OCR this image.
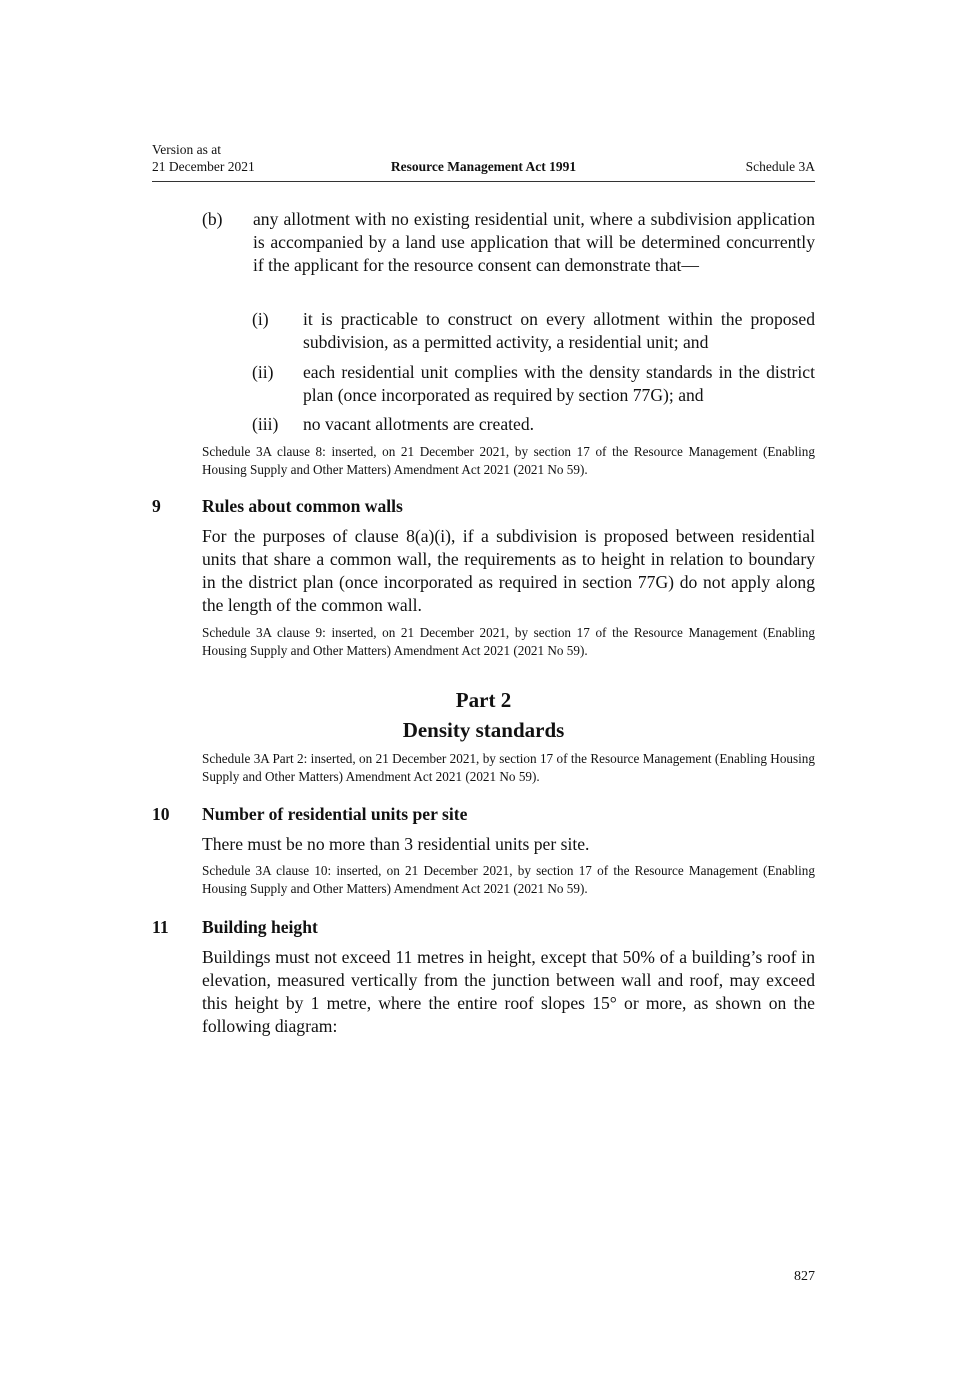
Version as at
21 December 2021	Schedule 3A
Resource Management Act 1991
(b) any allotment with no existing residential unit, where a subdivision application is accompanied by a land use application that will be determined concurrently if the applicant for the resource consent can demonstrate that—
(i) it is practicable to construct on every allotment within the proposed subdivision, as a permitted activity, a residential unit; and
(ii) each residential unit complies with the density standards in the district plan (once incorporated as required by section 77G); and
(iii) no vacant allotments are created.
Schedule 3A clause 8: inserted, on 21 December 2021, by section 17 of the Resource Management (Enabling Housing Supply and Other Matters) Amendment Act 2021 (2021 No 59).
9 Rules about common walls
For the purposes of clause 8(a)(i), if a subdivision is proposed between residential units that share a common wall, the requirements as to height in relation to boundary in the district plan (once incorporated as required in section 77G) do not apply along the length of the common wall.
Schedule 3A clause 9: inserted, on 21 December 2021, by section 17 of the Resource Management (Enabling Housing Supply and Other Matters) Amendment Act 2021 (2021 No 59).
Part 2
Density standards
Schedule 3A Part 2: inserted, on 21 December 2021, by section 17 of the Resource Management (Enabling Housing Supply and Other Matters) Amendment Act 2021 (2021 No 59).
10 Number of residential units per site
There must be no more than 3 residential units per site.
Schedule 3A clause 10: inserted, on 21 December 2021, by section 17 of the Resource Management (Enabling Housing Supply and Other Matters) Amendment Act 2021 (2021 No 59).
11 Building height
Buildings must not exceed 11 metres in height, except that 50% of a building’s roof in elevation, measured vertically from the junction between wall and roof, may exceed this height by 1 metre, where the entire roof slopes 15° or more, as shown on the following diagram:
827
